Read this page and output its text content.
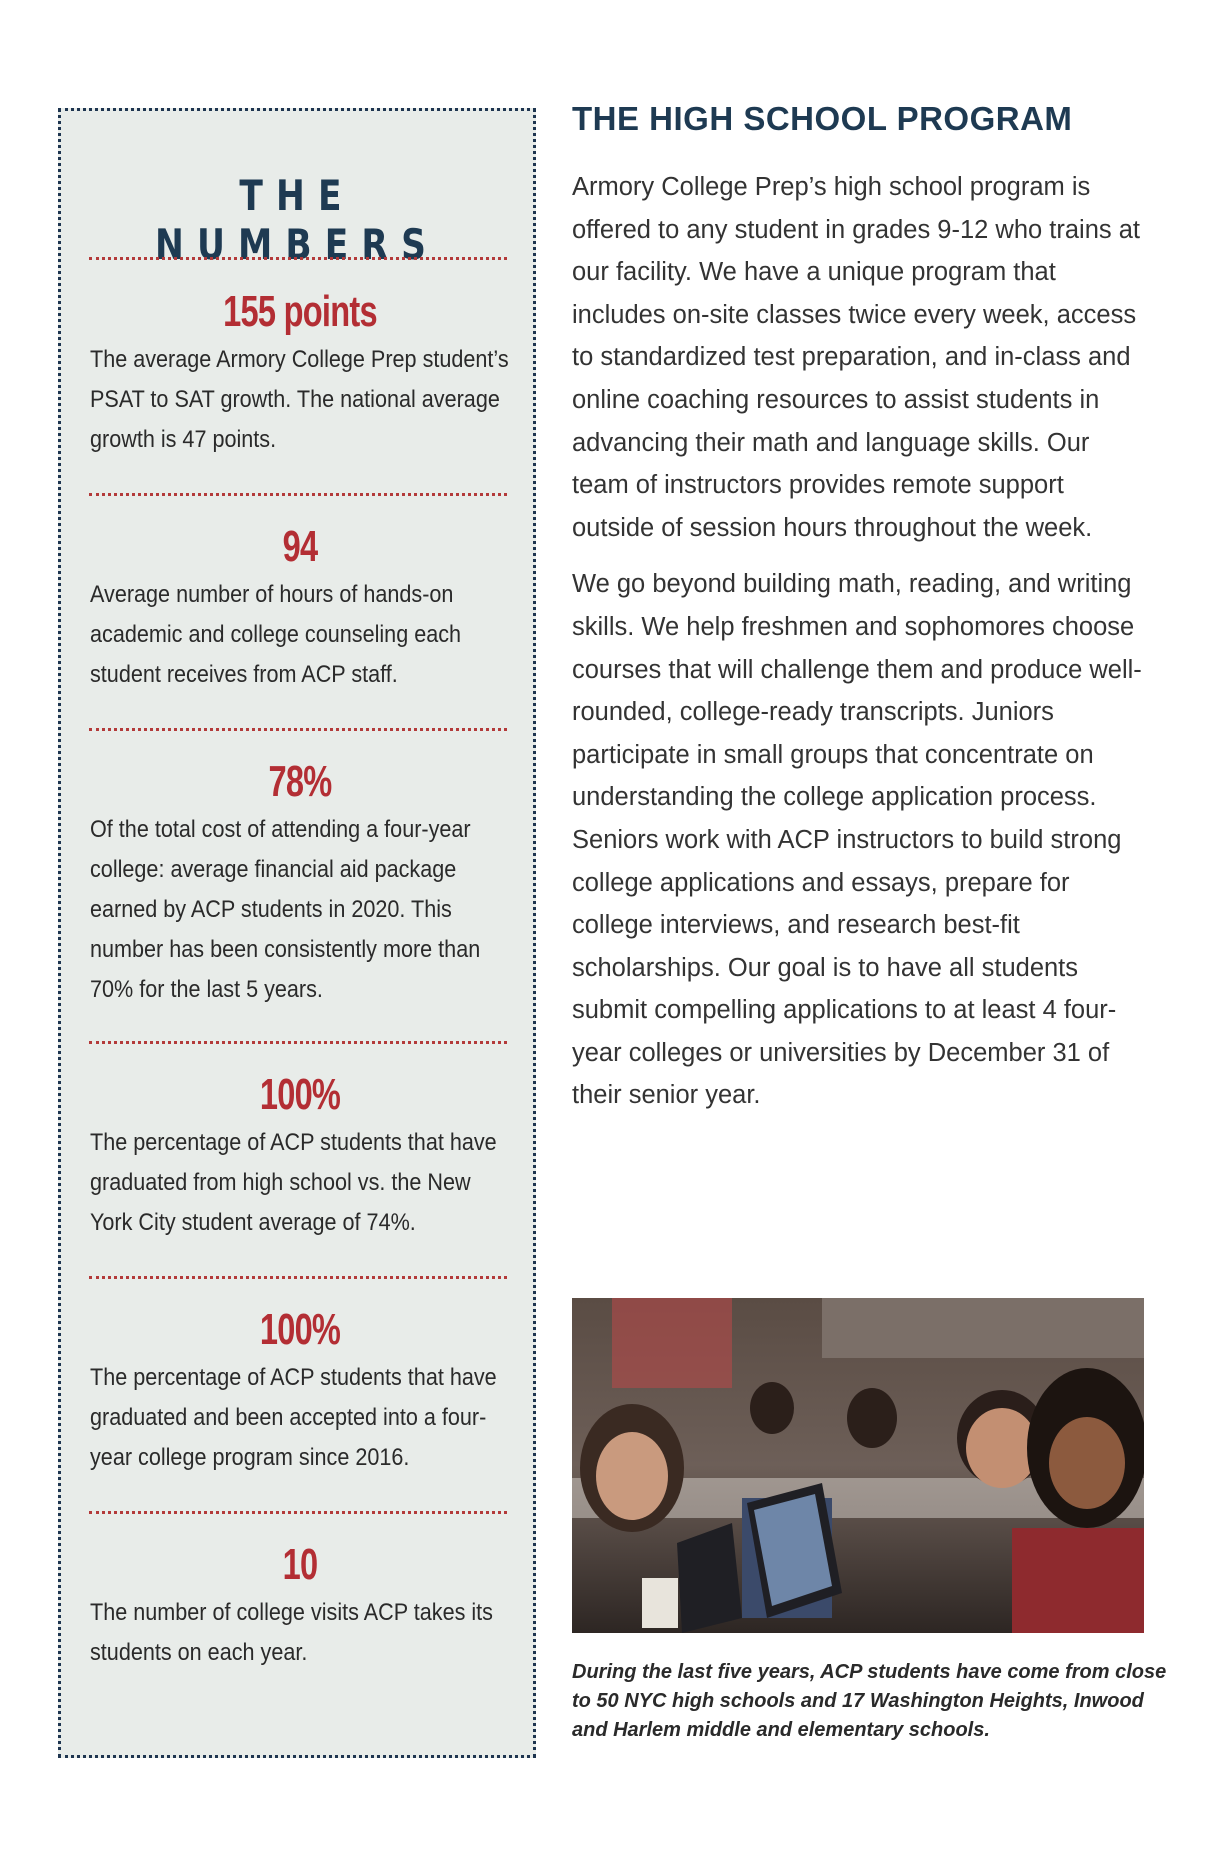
THE NUMBERS
155 points

The average Armory College Prep student’s PSAT to SAT growth. The national average growth is 47 points.

94

Average number of hours of hands-on academic and college counseling each student receives from ACP staff.

78%

Of the total cost of attending a four-year college: average financial aid package earned by ACP students in 2020. This number has been consistently more than 70% for the last 5 years.

100%

The percentage of ACP students that have graduated from high school vs. the New York City student average of 74%.

100%

The percentage of ACP students that have graduated and been accepted into a four-year college program since 2016.

10

The number of college visits ACP takes its students on each year.

THE HIGH SCHOOL PROGRAM

Armory College Prep’s high school program is offered to any student in grades 9-12 who trains at our facility. We have a unique program that includes on-site classes twice every week, access to standardized test preparation, and in-class and online coaching resources to assist students in advancing their math and language skills. Our team of instructors provides remote support outside of session hours throughout the week.

We go beyond building math, reading, and writing skills. We help freshmen and sophomores choose courses that will challenge them and produce well-rounded, college-ready transcripts. Juniors participate in small groups that concentrate on understanding the college application process. Seniors work with ACP instructors to build strong college applications and essays, prepare for college interviews, and research best-fit scholarships. Our goal is to have all students submit compelling applications to at least 4 four-year colleges or universities by December 31 of their senior year.

During the last five years, ACP students have come from close to 50 NYC high schools and 17 Washington Heights, Inwood and Harlem middle and elementary schools.
